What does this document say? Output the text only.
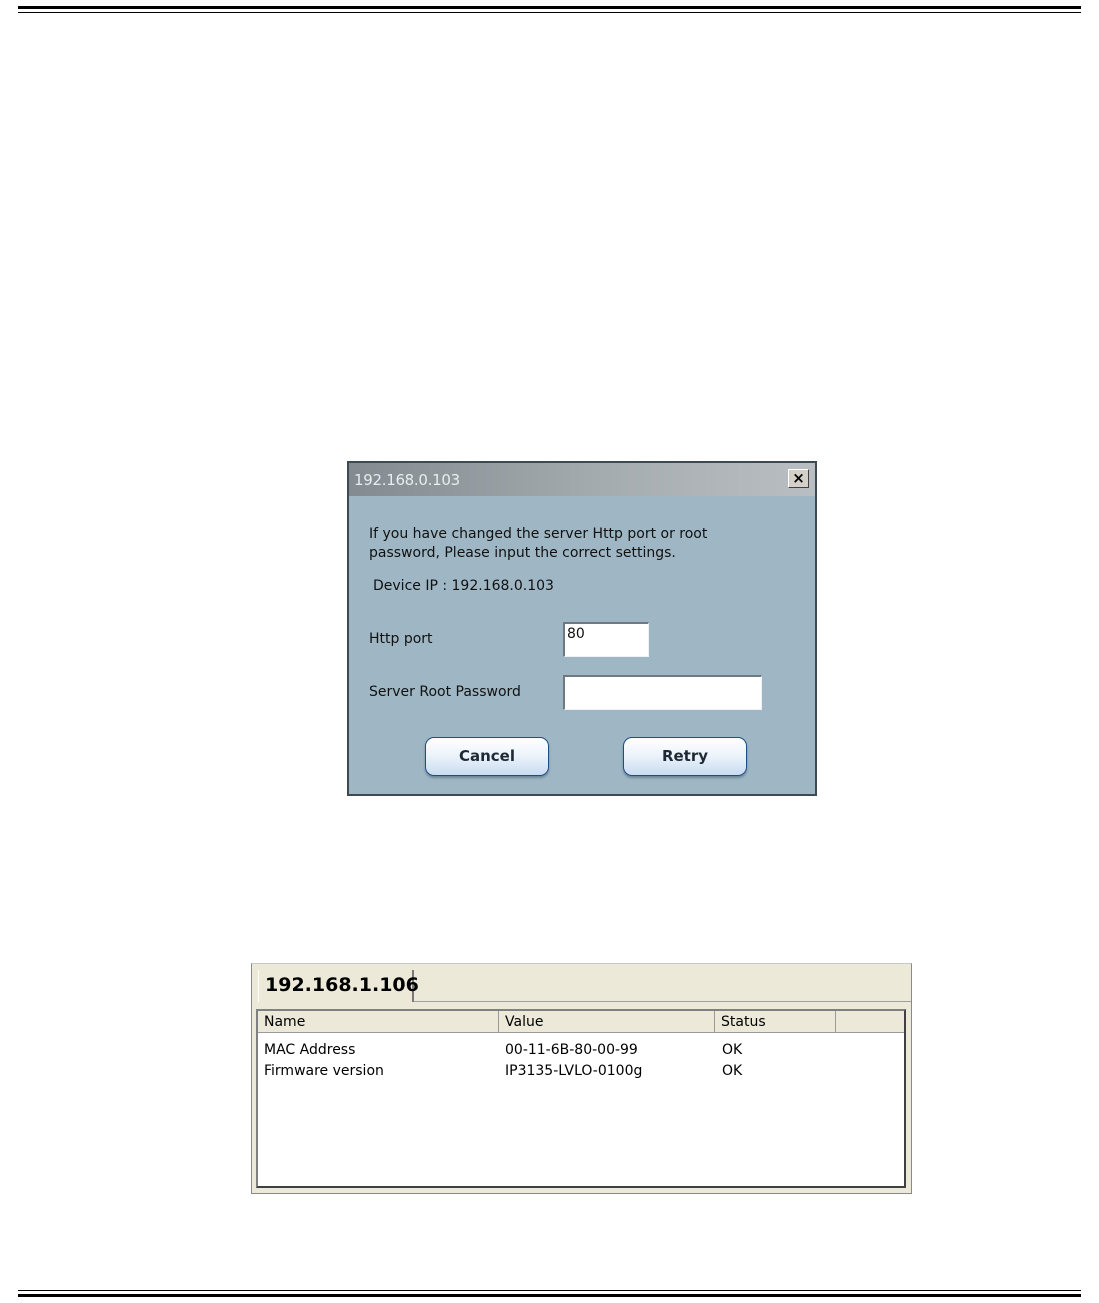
192.168.0.103	×
If you have changed the server Http port or root password, Please input the correct settings.
Device IP : 192.168.0.103
Http port	80
Server Root Password
Cancel	Retry
192.168.1.106
Name	Value	Status
MAC Address	00-11-6B-80-00-99	OK
Firmware version	IP3135-LVLO-0100g	OK
